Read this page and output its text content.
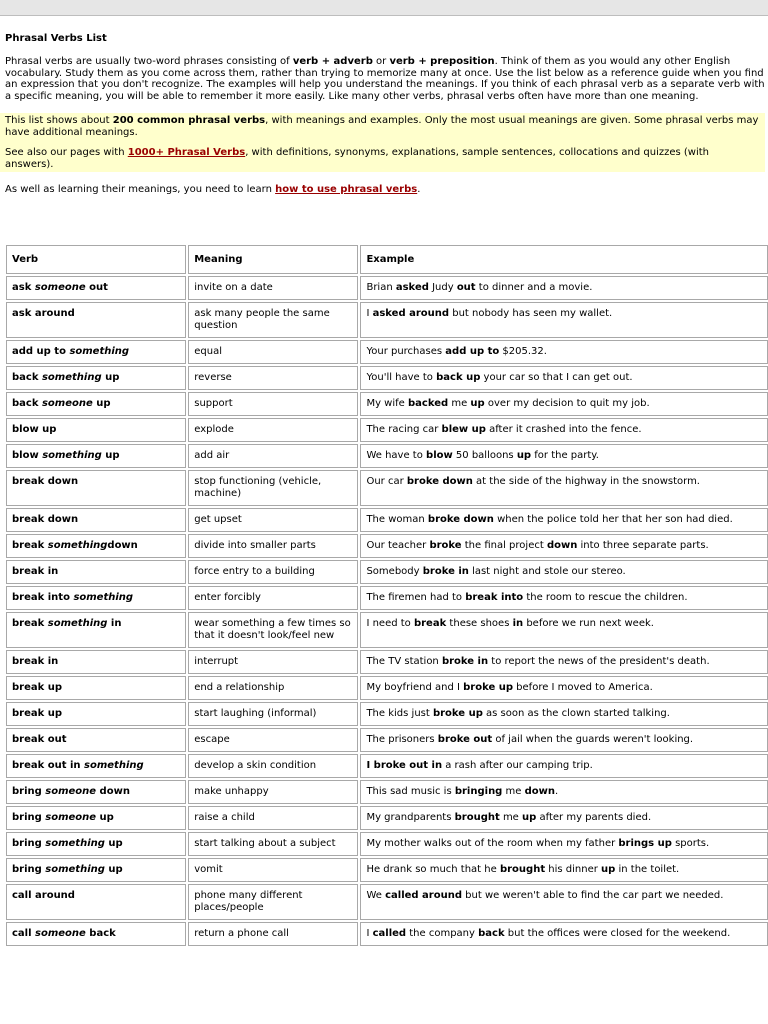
Phrasal Verbs List

Phrasal verbs are usually two-word phrases consisting of verb + adverb or verb + preposition. Think of them as you would any other English vocabulary. Study them as you come across them, rather than trying to memorize many at once. Use the list below as a reference guide when you find an expression that you don't recognize. The examples will help you understand the meanings. If you think of each phrasal verb as a separate verb with a specific meaning, you will be able to remember it more easily. Like many other verbs, phrasal verbs often have more than one meaning.

This list shows about 200 common phrasal verbs, with meanings and examples. Only the most usual meanings are given. Some phrasal verbs may have additional meanings.

See also our pages with 1000+ Phrasal Verbs, with definitions, synonyms, explanations, sample sentences, collocations and quizzes (with answers).

As well as learning their meanings, you need to learn how to use phrasal verbs.

Verb	Meaning	Example
ask someone out	invite on a date	Brian asked Judy out to dinner and a movie.
ask around	ask many people the same question	I asked around but nobody has seen my wallet.
add up to something	equal	Your purchases add up to $205.32.
back something up	reverse	You'll have to back up your car so that I can get out.
back someone up	support	My wife backed me up over my decision to quit my job.
blow up	explode	The racing car blew up after it crashed into the fence.
blow something up	add air	We have to blow 50 balloons up for the party.
break down	stop functioning (vehicle, machine)	Our car broke down at the side of the highway in the snowstorm.
break down	get upset	The woman broke down when the police told her that her son had died.
break somethingdown	divide into smaller parts	Our teacher broke the final project down into three separate parts.
break in	force entry to a building	Somebody broke in last night and stole our stereo.
break into something	enter forcibly	The firemen had to break into the room to rescue the children.
break something in	wear something a few times so that it doesn't look/feel new	I need to break these shoes in before we run next week.
break in	interrupt	The TV station broke in to report the news of the president's death.
break up	end a relationship	My boyfriend and I broke up before I moved to America.
break up	start laughing (informal)	The kids just broke up as soon as the clown started talking.
break out	escape	The prisoners broke out of jail when the guards weren't looking.
break out in something	develop a skin condition	I broke out in a rash after our camping trip.
bring someone down	make unhappy	This sad music is bringing me down.
bring someone up	raise a child	My grandparents brought me up after my parents died.
bring something up	start talking about a subject	My mother walks out of the room when my father brings up sports.
bring something up	vomit	He drank so much that he brought his dinner up in the toilet.
call around	phone many different places/people	We called around but we weren't able to find the car part we needed.
call someone back	return a phone call	I called the company back but the offices were closed for the weekend.
